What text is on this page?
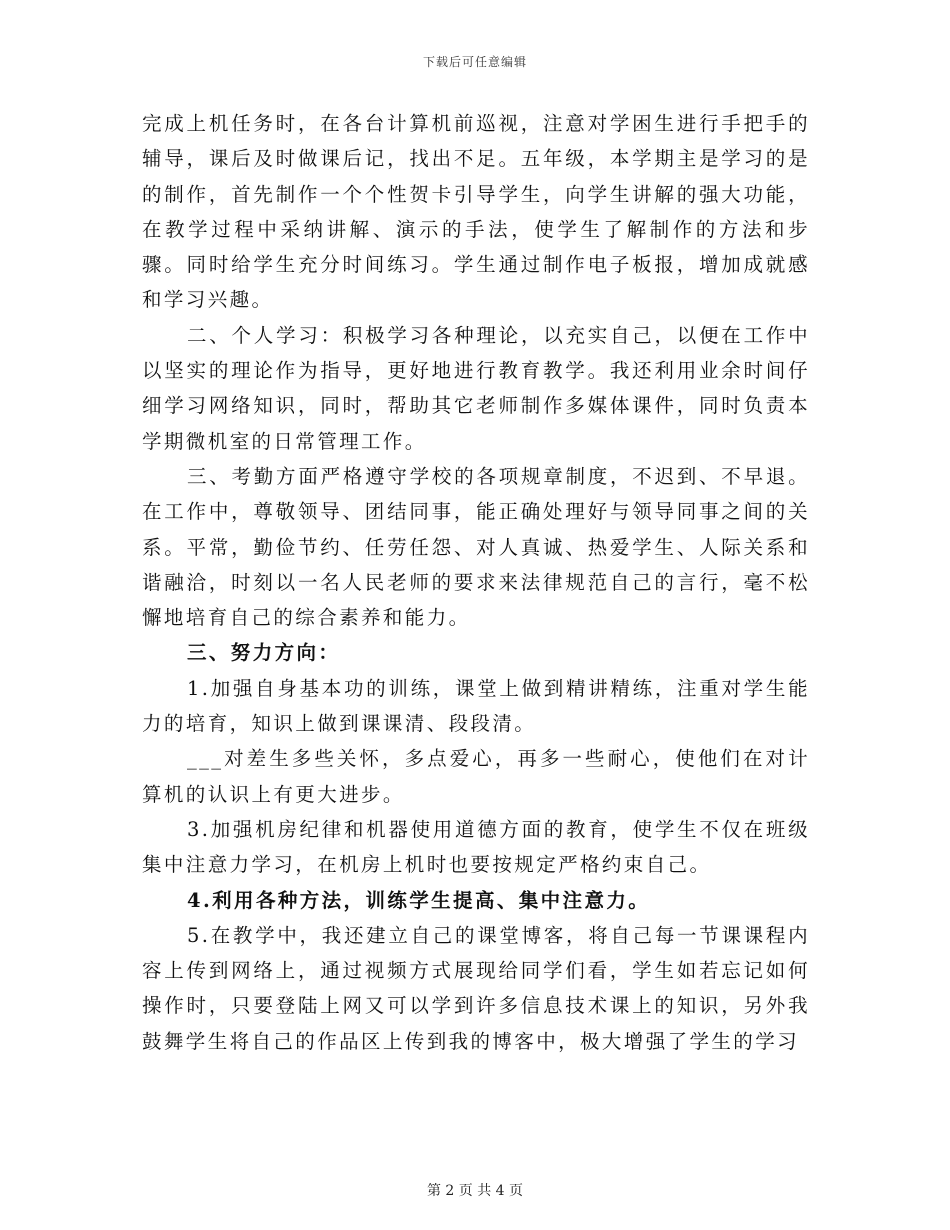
下载后可任意编辑

完成上机任务时，在各台计算机前巡视，注意对学困生进行手把手的辅导，课后及时做课后记，找出不足。五年级，本学期主是学习的是的制作，首先制作一个个性贺卡引导学生，向学生讲解的强大功能，在教学过程中采纳讲解、演示的手法，使学生了解制作的方法和步骤。同时给学生充分时间练习。学生通过制作电子板报，增加成就感和学习兴趣。

二、个人学习：积极学习各种理论，以充实自己，以便在工作中以坚实的理论作为指导，更好地进行教育教学。我还利用业余时间仔细学习网络知识，同时，帮助其它老师制作多媒体课件，同时负责本学期微机室的日常管理工作。

三、考勤方面严格遵守学校的各项规章制度，不迟到、不早退。在工作中，尊敬领导、团结同事，能正确处理好与领导同事之间的关系。平常，勤俭节约、任劳任怨、对人真诚、热爱学生、人际关系和谐融洽，时刻以一名人民老师的要求来法律规范自己的言行，毫不松懈地培育自己的综合素养和能力。

三、努力方向：

1.加强自身基本功的训练，课堂上做到精讲精练，注重对学生能力的培育，知识上做到课课清、段段清。

___对差生多些关怀，多点爱心，再多一些耐心，使他们在对计算机的认识上有更大进步。

3.加强机房纪律和机器使用道德方面的教育，使学生不仅在班级集中注意力学习，在机房上机时也要按规定严格约束自己。

4.利用各种方法，训练学生提高、集中注意力。

5.在教学中，我还建立自己的课堂博客，将自己每一节课课程内容上传到网络上，通过视频方式展现给同学们看，学生如若忘记如何操作时，只要登陆上网又可以学到许多信息技术课上的知识，另外我鼓舞学生将自己的作品区上传到我的博客中，极大增强了学生的学习

第 2 页 共 4 页
